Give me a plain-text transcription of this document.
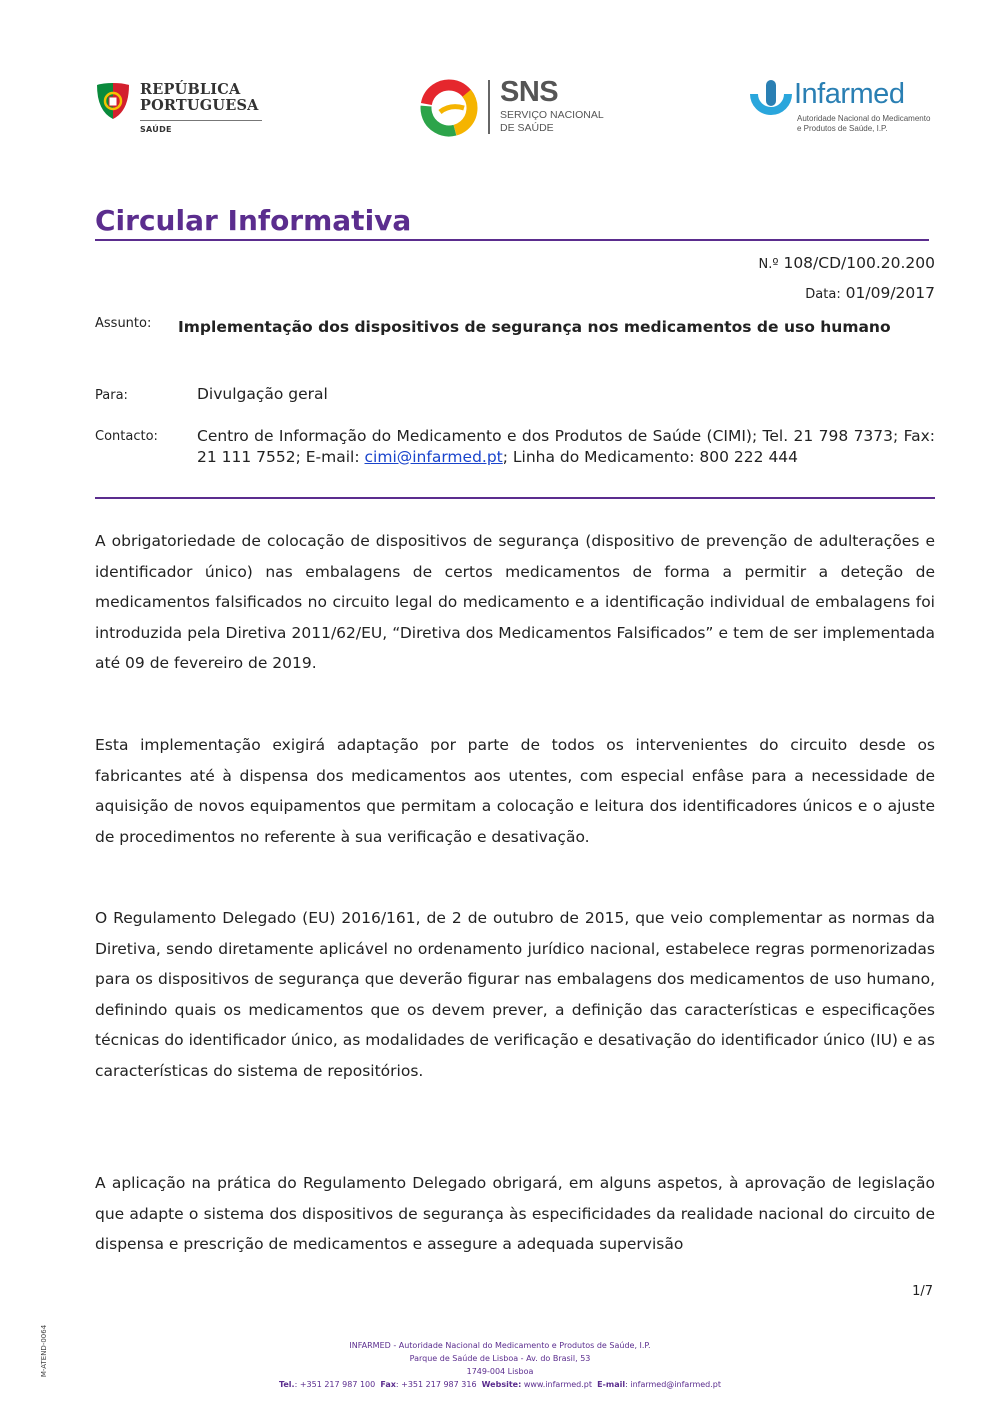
REPÚBLICA
PORTUGUESA
SAÚDE
SNS
SERVIÇO NACIONAL
DE SAÚDE
Infarmed
Autoridade Nacional do Medicamento
e Produtos de Saúde, I.P.
Circular Informativa
N.º 108/CD/100.20.200
Data: 01/09/2017
Assunto: Implementação dos dispositivos de segurança nos medicamentos de uso humano
Para:	Divulgação geral
Contacto:	Centro de Informação do Medicamento e dos Produtos de Saúde (CIMI); Tel. 21 798 7373; Fax: 21 111 7552; E-mail: cimi@infarmed.pt; Linha do Medicamento: 800 222 444

A obrigatoriedade de colocação de dispositivos de segurança (dispositivo de prevenção de adulterações e identificador único) nas embalagens de certos medicamentos de forma a permitir a deteção de medicamentos falsificados no circuito legal do medicamento e a identificação individual de embalagens foi introduzida pela Diretiva 2011/62/EU, “Diretiva dos Medicamentos Falsificados” e tem de ser implementada até 09 de fevereiro de 2019.

Esta implementação exigirá adaptação por parte de todos os intervenientes do circuito desde os fabricantes até à dispensa dos medicamentos aos utentes, com especial enfâse para a necessidade de aquisição de novos equipamentos que permitam a colocação e leitura dos identificadores únicos e o ajuste de procedimentos no referente à sua verificação e desativação.

O Regulamento Delegado (EU) 2016/161, de 2 de outubro de 2015, que veio complementar as normas da Diretiva, sendo diretamente aplicável no ordenamento jurídico nacional, estabelece regras pormenorizadas para os dispositivos de segurança que deverão figurar nas embalagens dos medicamentos de uso humano, definindo quais os medicamentos que os devem prever, a definição das características e especificações técnicas do identificador único, as modalidades de verificação e desativação do identificador único (IU) e as características do sistema de repositórios.

A aplicação na prática do Regulamento Delegado obrigará, em alguns aspetos, à aprovação de legislação que adapte o sistema dos dispositivos de segurança às especificidades da realidade nacional do circuito de dispensa e prescrição de medicamentos e assegure a adequada supervisão

1/7
M-ATEND-0064	INFARMED - Autoridade Nacional do Medicamento e Produtos de Saúde, I.P.
Parque de Saúde de Lisboa - Av. do Brasil, 53
1749-004 Lisboa
Tel.: +351 217 987 100 Fax: +351 217 987 316 Website: www.infarmed.pt E-mail: infarmed@infarmed.pt
